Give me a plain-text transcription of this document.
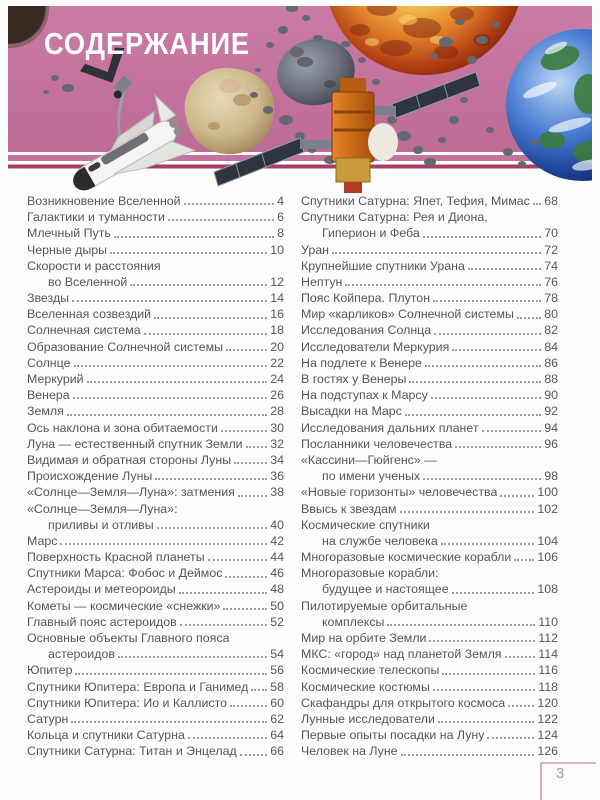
СОДЕРЖАНИЕ
Возникновение Вселенной	4
Галактики и туманности	6
Млечный Путь	8
Черные дыры	10
Скорости и расстояния
во Вселенной	12
Звезды	14
Вселенная созвездий	16
Солнечная система	18
Образование Солнечной системы	20
Солнце	22
Меркурий	24
Венера	26
Земля	28
Ось наклона и зона обитаемости	30
Луна — естественный спутник Земли 32
Видимая и обратная стороны Луны	34
Происхождение Луны	36
«Солнце—Земля—Луна»: затмения	38
«Солнце—Земля—Луна»:
приливы и отливы	40
Марс	42
Поверхность Красной планеты	44
Спутники Марса: Фобос и Деймос	46
Астероиды и метеороиды	48
Кометы — космические «снежки»	50
Главный пояс астероидов	52
Основные объекты Главного пояса
астероидов	54
Юпитер	56
Спутники Юпитера: Европа и Ганимед 58
Спутники Юпитера: Ио и Каллисто	60
Сатурн	62
Кольца и спутники Сатурна	64
Спутники Сатурна: Титан и Энцелад	66
Спутники Сатурна: Япет, Тефия, Мимас 68
Спутники Сатурна: Рея и Диона,
Гиперион и Феба	70
Уран	72
Крупнейшие спутники Урана	74
Нептун	76
Пояс Койпера. Плутон	78
Мир «карликов» Солнечной системы 80
Исследования Солнца	82
Исследователи Меркурия	84
На подлете к Венере	86
В гостях у Венеры	88
На подступах к Марсу	90
Высадки на Марс	92
Исследования дальних планет	94
Посланники человечества	96
«Кассини—Гюйгенс» —
по имени ученых	98
«Новые горизонты» человечества	100
Ввысь к звездам	102
Космические спутники
на службе человека	104
Многоразовые космические корабли 106
Многоразовые корабли:
будущее и настоящее	108
Пилотируемые орбитальные
комплексы	110
Мир на орбите Земли	112
МКС: «город» над планетой Земля	114
Космические телескопы	116
Космические костюмы	118
Скафандры для открытого космоса	120
Лунные исследователи	122
Первые опыты посадки на Луну	124
Человек на Луне	126
3
